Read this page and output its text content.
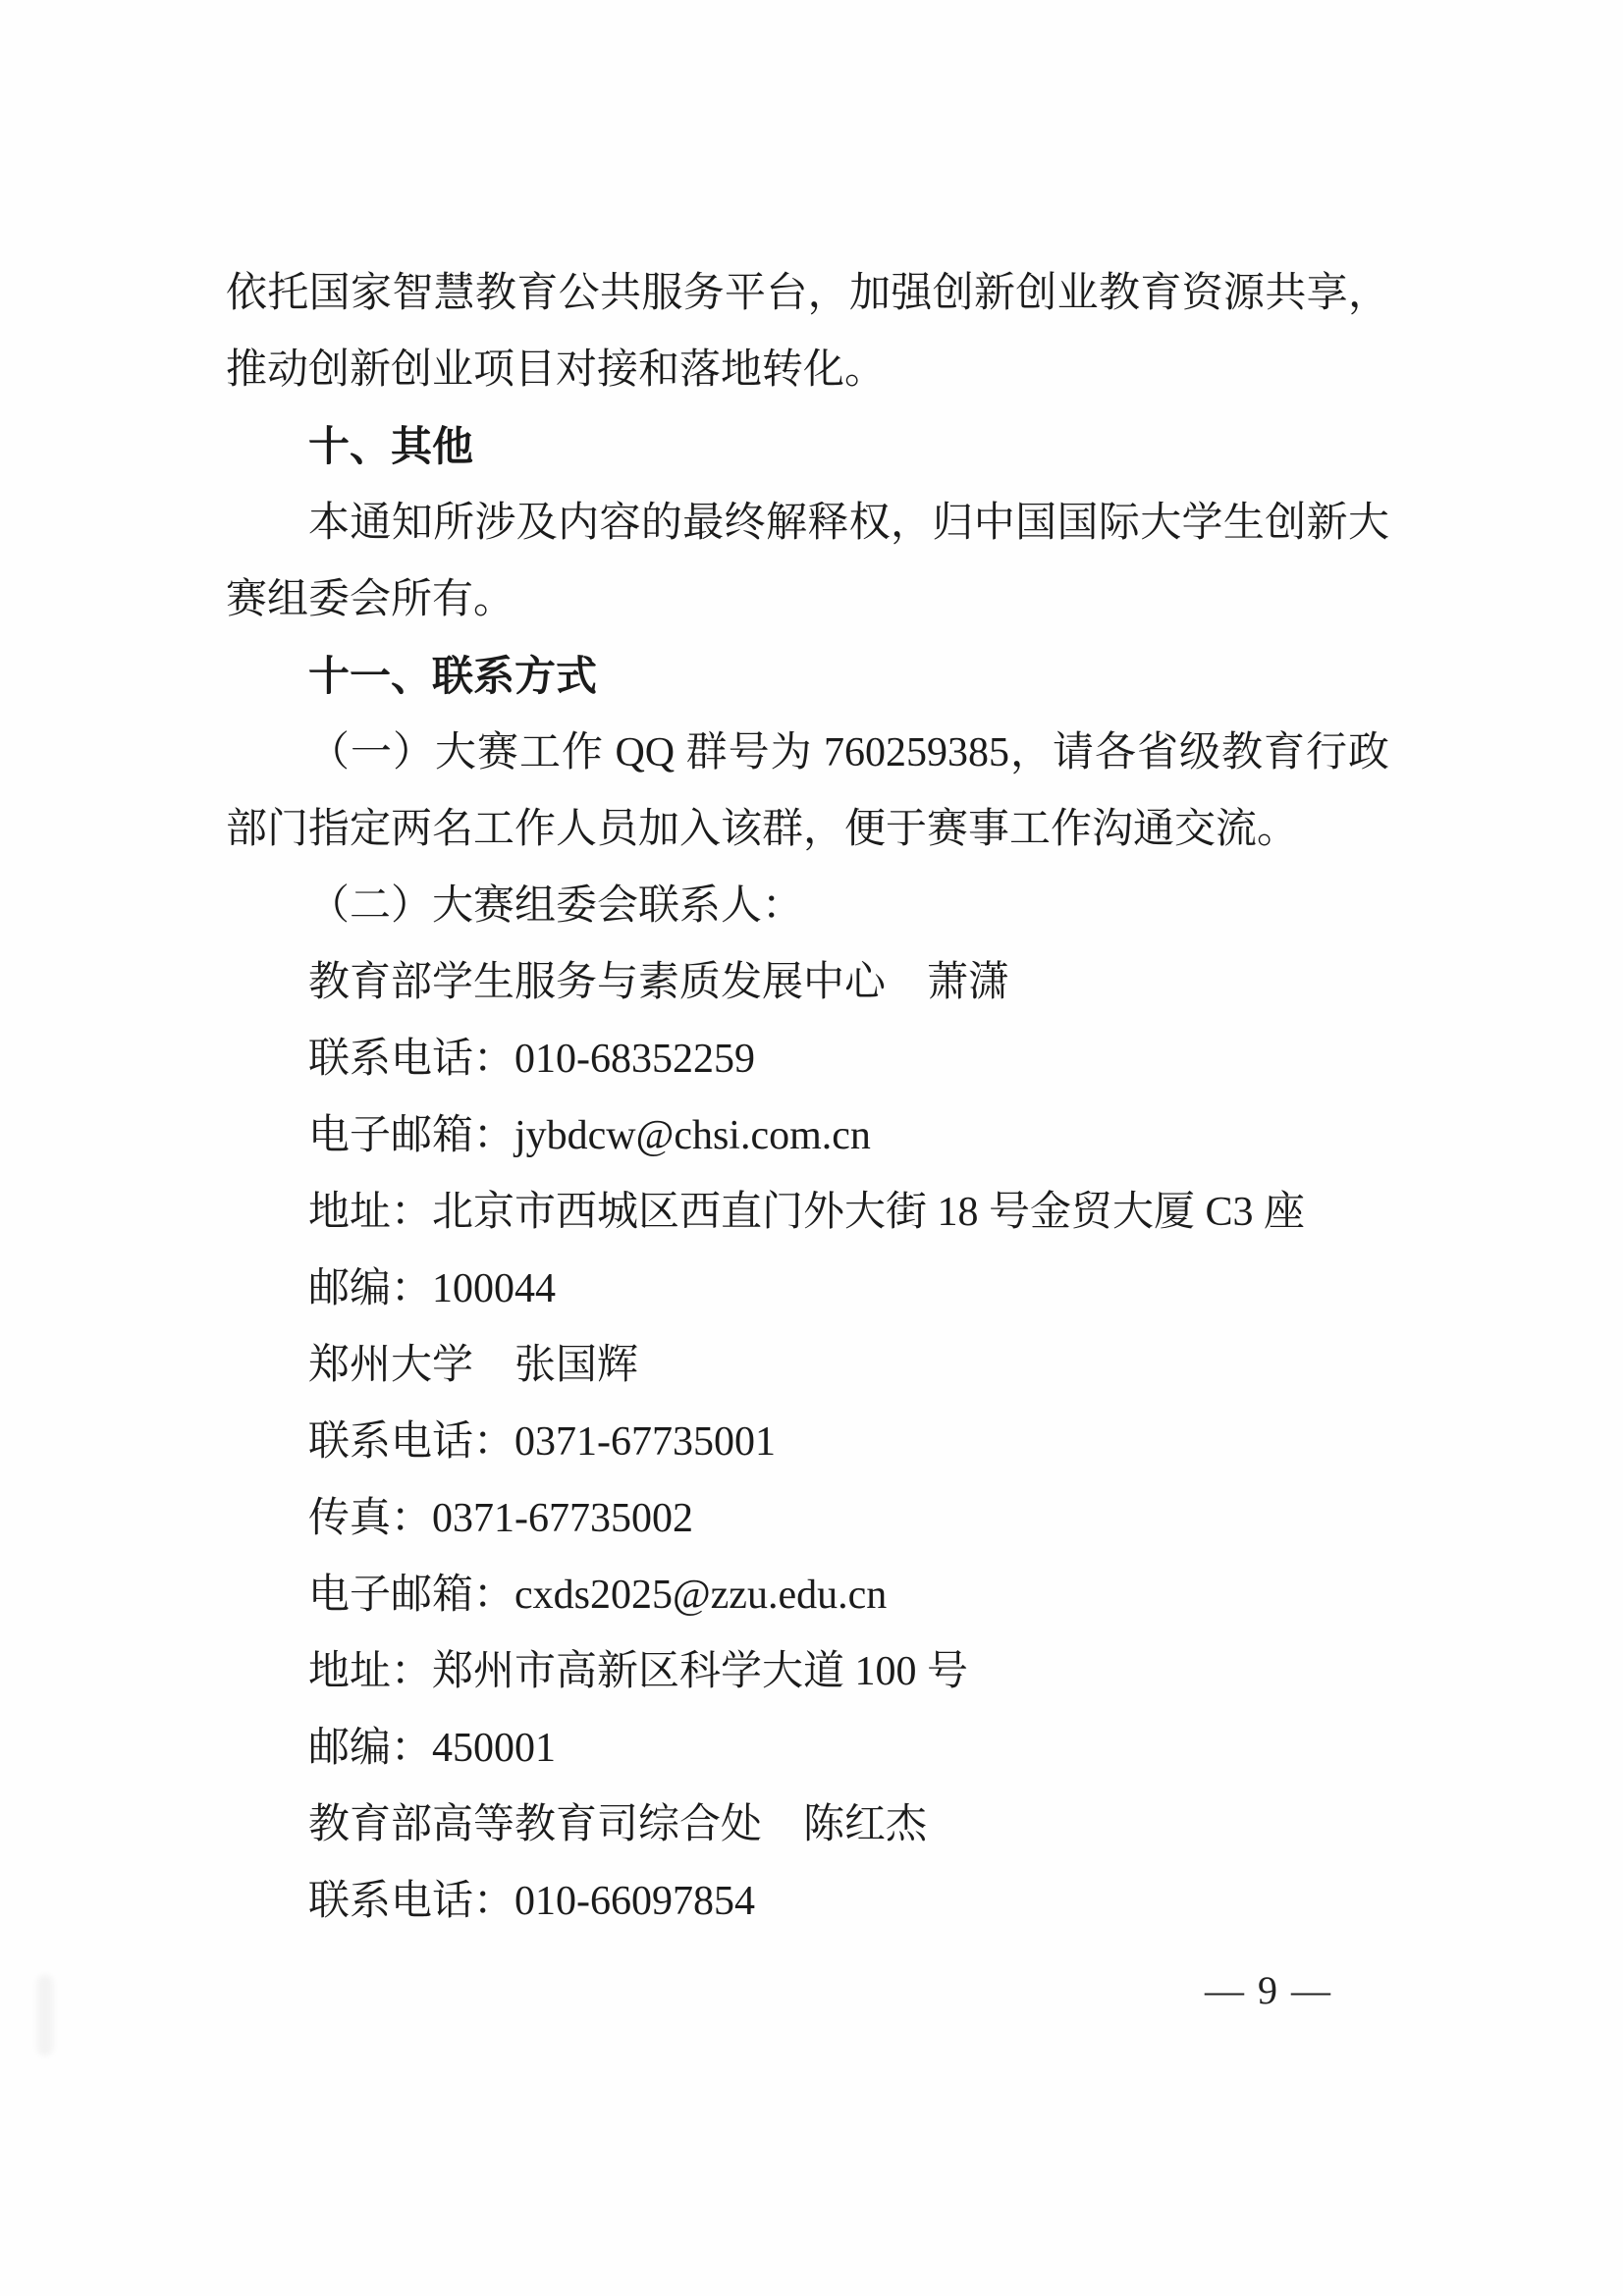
依托国家智慧教育公共服务平台，加强创新创业教育资源共享，
推动创新创业项目对接和落地转化。
十、其他
本通知所涉及内容的最终解释权，归中国国际大学生创新大
赛组委会所有。
十一、联系方式
（一）大赛工作 QQ 群号为 760259385，请各省级教育行政
部门指定两名工作人员加入该群，便于赛事工作沟通交流。
（二）大赛组委会联系人：
教育部学生服务与素质发展中心　萧潇
联系电话：010-68352259
电子邮箱：jybdcw@chsi.com.cn
地址：北京市西城区西直门外大街 18 号金贸大厦 C3 座
邮编：100044
郑州大学　张国辉
联系电话：0371-67735001
传真：0371-67735002
电子邮箱：cxds2025@zzu.edu.cn
地址：郑州市高新区科学大道 100 号
邮编：450001
教育部高等教育司综合处　陈红杰
联系电话：010-66097854
— 9 —
